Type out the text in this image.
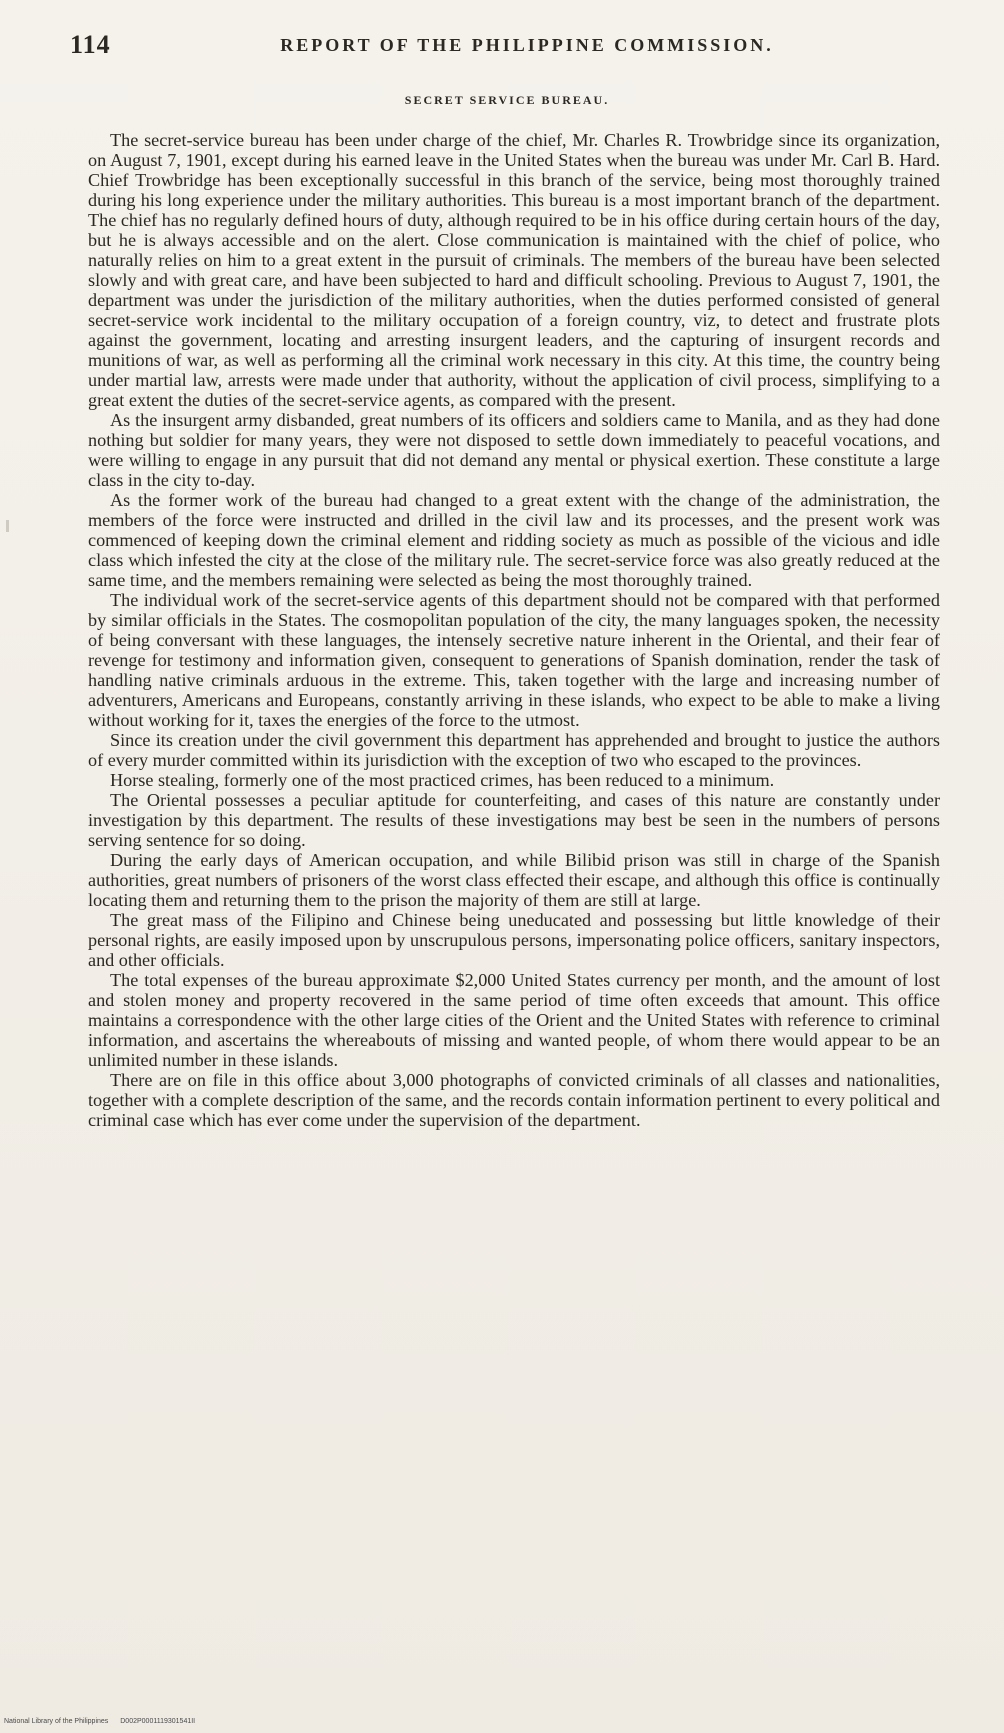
114	REPORT OF THE PHILIPPINE COMMISSION.
SECRET SERVICE BUREAU.

The secret-service bureau has been under charge of the chief, Mr. Charles R. Trowbridge since its organization, on August 7, 1901, except during his earned leave in the United States when the bureau was under Mr. Carl B. Hard. Chief Trowbridge has been exceptionally successful in this branch of the service, being most thoroughly trained during his long experience under the military authorities. This bureau is a most important branch of the department. The chief has no regularly defined hours of duty, although required to be in his office during certain hours of the day, but he is always accessible and on the alert. Close communication is maintained with the chief of police, who naturally relies on him to a great extent in the pursuit of criminals. The members of the bureau have been selected slowly and with great care, and have been subjected to hard and difficult schooling. Previous to August 7, 1901, the department was under the jurisdiction of the military authorities, when the duties performed consisted of general secret-service work incidental to the military occupation of a foreign country, viz, to detect and frustrate plots against the government, locating and arresting insurgent leaders, and the capturing of insurgent records and munitions of war, as well as performing all the criminal work necessary in this city. At this time, the country being under martial law, arrests were made under that authority, without the application of civil process, simplifying to a great extent the duties of the secret-service agents, as compared with the present.

As the insurgent army disbanded, great numbers of its officers and soldiers came to Manila, and as they had done nothing but soldier for many years, they were not disposed to settle down immediately to peaceful vocations, and were willing to engage in any pursuit that did not demand any mental or physical exertion. These constitute a large class in the city to-day.

As the former work of the bureau had changed to a great extent with the change of the administration, the members of the force were instructed and drilled in the civil law and its processes, and the present work was commenced of keeping down the criminal element and ridding society as much as possible of the vicious and idle class which infested the city at the close of the military rule. The secret-service force was also greatly reduced at the same time, and the members remaining were selected as being the most thoroughly trained.

The individual work of the secret-service agents of this department should not be compared with that performed by similar officials in the States. The cosmopolitan population of the city, the many languages spoken, the necessity of being conversant with these languages, the intensely secretive nature inherent in the Oriental, and their fear of revenge for testimony and information given, consequent to generations of Spanish domination, render the task of handling native criminals arduous in the extreme. This, taken together with the large and increasing number of adventurers, Americans and Europeans, constantly arriving in these islands, who expect to be able to make a living without working for it, taxes the energies of the force to the utmost.

Since its creation under the civil government this department has apprehended and brought to justice the authors of every murder committed within its jurisdiction with the exception of two who escaped to the provinces.

Horse stealing, formerly one of the most practiced crimes, has been reduced to a minimum.

The Oriental possesses a peculiar aptitude for counterfeiting, and cases of this nature are constantly under investigation by this department. The results of these investigations may best be seen in the numbers of persons serving sentence for so doing.

During the early days of American occupation, and while Bilibid prison was still in charge of the Spanish authorities, great numbers of prisoners of the worst class effected their escape, and although this office is continually locating them and returning them to the prison the majority of them are still at large.

The great mass of the Filipino and Chinese being uneducated and possessing but little knowledge of their personal rights, are easily imposed upon by unscrupulous persons, impersonating police officers, sanitary inspectors, and other officials.

The total expenses of the bureau approximate $2,000 United States currency per month, and the amount of lost and stolen money and property recovered in the same period of time often exceeds that amount. This office maintains a correspondence with the other large cities of the Orient and the United States with reference to criminal information, and ascertains the whereabouts of missing and wanted people, of whom there would appear to be an unlimited number in these islands.

There are on file in this office about 3,000 photographs of convicted criminals of all classes and nationalities, together with a complete description of the same, and the records contain information pertinent to every political and criminal case which has ever come under the supervision of the department.

National Library of the Philippines D002P0001119301541II
